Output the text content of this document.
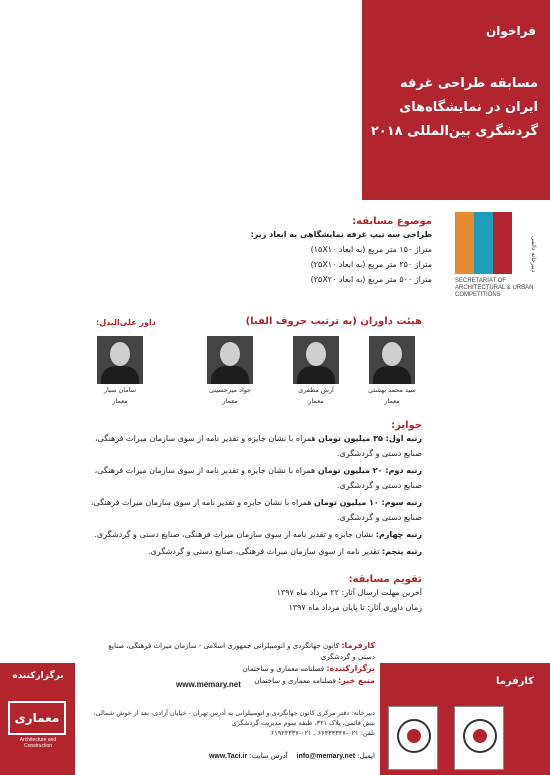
فراخوان
مسابقه طراحی غرفه ایران در نمایشگاه‌های گردشگری بین‌المللی ۲۰۱۸
دبیرخانه دائمی
SECRETARIAT OF ARCHITECTURAL & URBAN COMPETITIONS
موضوع مسابقه:
طراحی سه تیپ غرفه نمایشگاهی به ابعاد زیر:
متراژ ۱۵۰ متر مربع (به ابعاد ۱۵X۱۰)
متراژ ۲۵۰ متر مربع (به ابعاد ۲۵X۱۰)
متراژ ۵۰۰ متر مربع (به ابعاد ۲۵X۲۰)
هیئت داوران (به ترتیب حروف الفبا)
داور علی‌البدل:
سید محمد بهشتی
معمار
آرش مظفری
معمار
جواد میرحسینی
معمار
سامان سیار
معمار
جوایز:
رتبه اول: ۳۵ میلیون تومان همراه با نشان جایزه و تقدیر نامه از سوی سازمان میراث فرهنگی، صنایع دستی و گردشگری.
رتبه دوم: ۲۰ میلیون تومان همراه با نشان جایزه و تقدیر نامه از سوی سازمان میراث فرهنگی، صنایع دستی و گردشگری.
رتبه سوم: ۱۰ میلیون تومان همراه با نشان جایزه و تقدیر نامه از سوی سازمان میراث فرهنگی، صنایع دستی و گردشگری.
رتبه چهارم: نشان جایزه و تقدیر نامه از سوی سازمان میراث فرهنگی، صنایع دستی و گردشگری.
رتبه پنجم: تقدیر نامه از سوی سازمان میراث فرهنگی، صنایع دستی و گردشگری.
تقویم مسابقه:
آخرین مهلت ارسال آثار: ۲۲ مرداد ماه ۱۳۹۷
زمان داوری آثار: تا پایان مرداد ماه ۱۳۹۷
کارفرما: کانون جهانگردی و اتومبیلرانی جمهوری اسلامی - سازمان میراث فرهنگی، صنایع دستی و گردشگری
برگزارکننده: فصلنامه معماری و ساختمان
منبع خبر: فصلنامه معماری و ساختمان
www.memary.net
دبیرخانه: دفتر مرکزی کانون جهانگردی و اتومبیلرانی به آدرس تهران - خیابان آزادی، بعد از خوش شمالی، نبش قائمی، پلاک ۳۲۱، طبقه سوم مدیریت گردشگری
تلفن: ۰۲۱-۶۶۴۳۴۳۴۷ ، ۰۲۱-۶۱۹۲۴۳۳۷
ایمیل: info@memary.net    آدرس سایت: www.Taci.ir
برگزارکننده
معماری
Architecture and Construction
کارفرما
